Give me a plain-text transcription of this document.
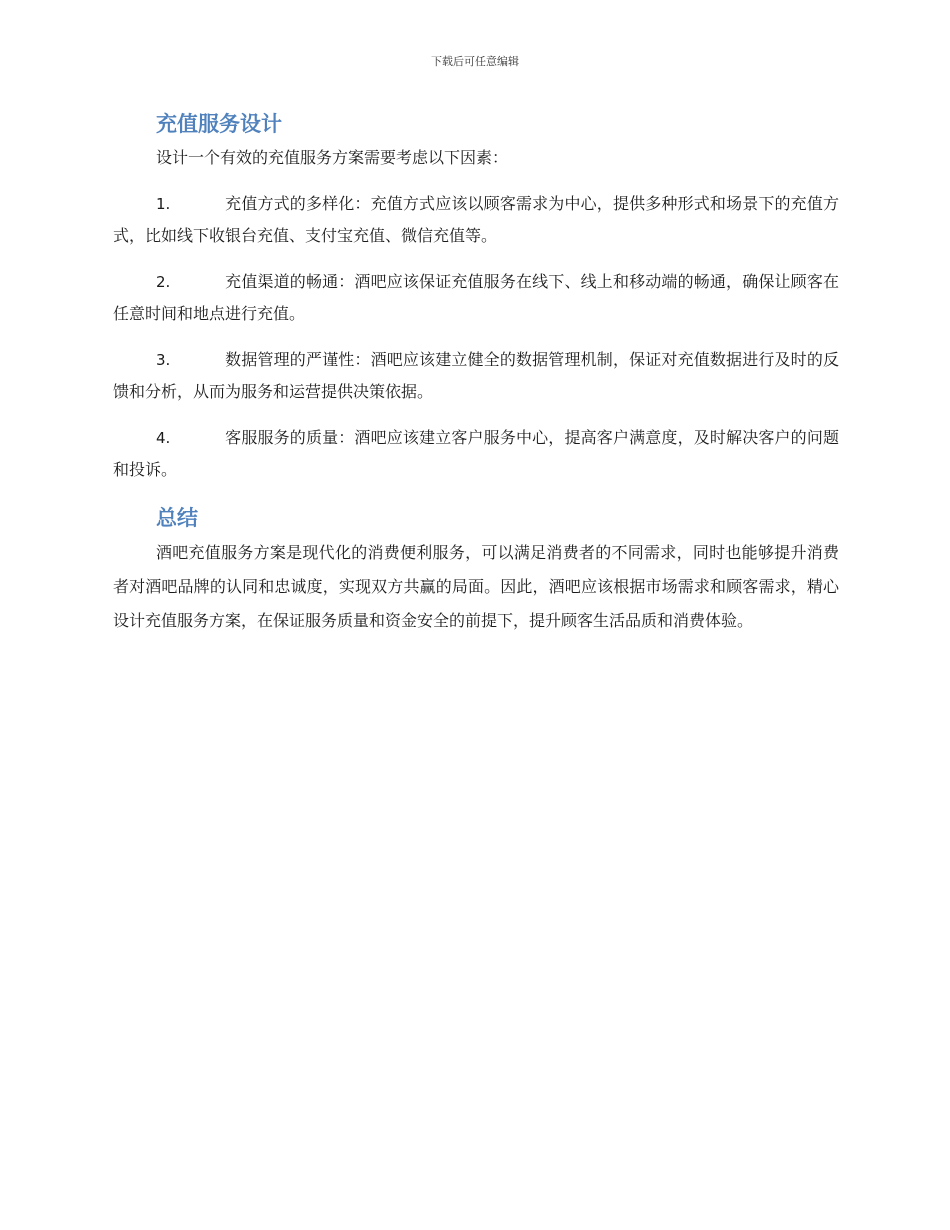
下载后可任意编辑
充值服务设计

设计一个有效的充值服务方案需要考虑以下因素：

1.	充值方式的多样化：充值方式应该以顾客需求为中心，提供多种形式和场景下的充值方式，比如线下收银台充值、支付宝充值、微信充值等。
2.	充值渠道的畅通：酒吧应该保证充值服务在线下、线上和移动端的畅通，确保让顾客在任意时间和地点进行充值。
3.	数据管理的严谨性：酒吧应该建立健全的数据管理机制，保证对充值数据进行及时的反馈和分析，从而为服务和运营提供决策依据。
4.	客服服务的质量：酒吧应该建立客户服务中心，提高客户满意度，及时解决客户的问题和投诉。
总结

酒吧充值服务方案是现代化的消费便利服务，可以满足消费者的不同需求，同时也能够提升消费者对酒吧品牌的认同和忠诚度，实现双方共赢的局面。因此，酒吧应该根据市场需求和顾客需求，精心设计充值服务方案，在保证服务质量和资金安全的前提下，提升顾客生活品质和消费体验。
